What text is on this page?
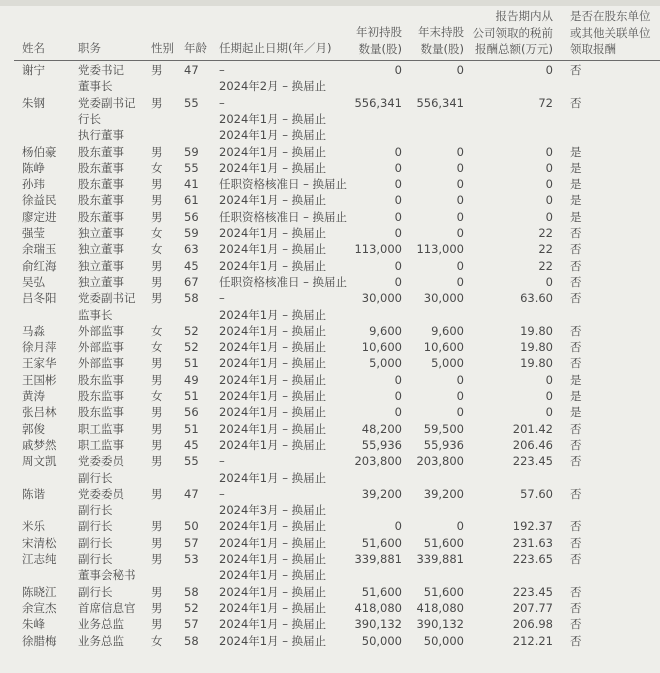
姓名	职务	性别 年龄 任期起止日期(年／月)
年初持股
数量(股)
年末持股
数量(股)
报告期内从
公司领取的税前
报酬总额(万元)
是否在股东单位
或其他关联单位
领取报酬
谢宁	党委书记 男 47 –	0	0	0 否
董事长	2024年2月 – 换届止
朱钢	党委副书记 男 55 –	556,341 556,341	72 否
行长	2024年1月 – 换届止
执行董事	2024年1月 – 换届止
杨伯豪 股东董事 男 59 2024年1月 – 换届止	0	0	0 是
陈峥	股东董事 女 55 2024年1月 – 换届止	0	0	0 是
孙玮	股东董事 男 41 任职资格核准日 – 换届止	0	0	0 是
徐益民 股东董事 男 61 2024年1月 – 换届止	0	0	0 是
廖定进 股东董事 男 56 任职资格核准日 – 换届止	0	0	0 是
强莹	独立董事 女 59 2024年1月 – 换届止	0	0	22 否
余瑞玉 独立董事 女 63 2024年1月 – 换届止 113,000 113,000	22 否
俞红海 独立董事 男 45 2024年1月 – 换届止	0	0	22 否
吴弘	独立董事 男 67 任职资格核准日 – 换届止	0	0	0 否
吕冬阳 党委副书记 男 58 –	30,000 30,000	63.60 否
监事长	2024年1月 – 换届止
马淼	外部监事 女 52 2024年1月 – 换届止	9,600	9,600	19.80 否
徐月萍 外部监事 女 52 2024年1月 – 换届止	10,600 10,600	19.80 否
王家华 外部监事 男 51 2024年1月 – 换届止	5,000	5,000	19.80 否
王国彬 股东监事 男 49 2024年1月 – 换届止	0	0	0 是
黄涛	股东监事 女 51 2024年1月 – 换届止	0	0	0 是
张吕林 股东监事 男 56 2024年1月 – 换届止	0	0	0 是
郭俊	职工监事 男 51 2024年1月 – 换届止	48,200 59,500	201.42 否
戚梦然 职工监事 男 45 2024年1月 – 换届止	55,936 55,936	206.46 否
周文凯 党委委员 男 55 –	203,800 203,800	223.45 否
副行长	2024年1月 – 换届止
陈谐	党委委员 男 47 –	39,200 39,200	57.60 否
副行长	2024年3月 – 换届止
米乐	副行长	男 50 2024年1月 – 换届止	0	0	192.37 否
宋清松 副行长	男 57 2024年1月 – 换届止	51,600 51,600	231.63 否
江志纯 副行长	男 53 2024年1月 – 换届止 339,881 339,881	223.65 否
董事会秘书	2024年1月 – 换届止
陈晓江 副行长	男 58 2024年1月 – 换届止	51,600 51,600	223.45 否
余宣杰 首席信息官 男 52 2024年1月 – 换届止 418,080 418,080	207.77 否
朱峰	业务总监 男 57 2024年1月 – 换届止 390,132 390,132	206.98 否
徐腊梅 业务总监 女 58 2024年1月 – 换届止	50,000 50,000	212.21 否
